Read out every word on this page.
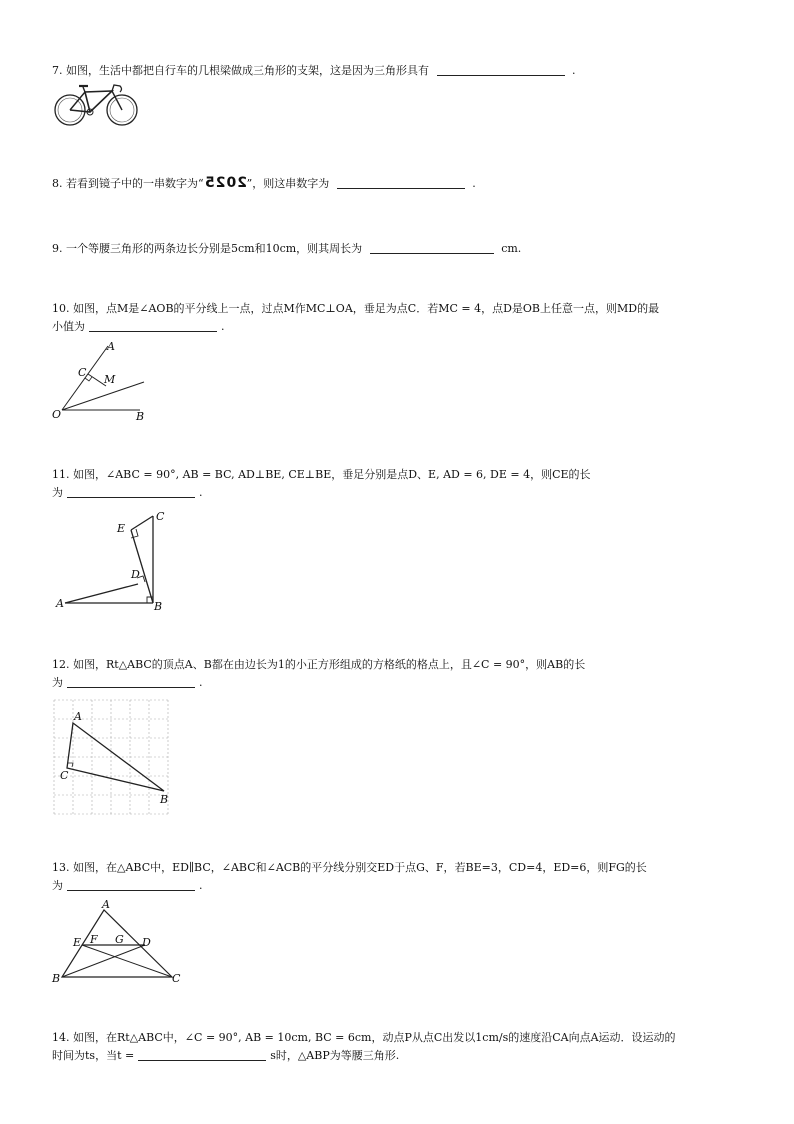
7. 如图，生活中都把自行车的几根梁做成三角形的支架，这是因为三角形具有	.
8. 若看到镜子中的一串数字为“2025”，则这串数字为	.
9. 一个等腰三角形的两条边长分别是5cm和10cm，则其周长为	cm.
10. 如图，点M是∠AOB的平分线上一点，过点M作MC⊥OA，垂足为点C．若MC = 4，点D是OB上任意一点，则MD的最
小值为	.
A
C
M
O	B
11. 如图，∠ABC = 90°, AB = BC, AD⊥BE, CE⊥BE，垂足分别是点D、E, AD = 6, DE = 4，则CE的长
为	.
E
C
D
A	B
12. 如图，Rt△ABC的顶点A、B都在由边长为1的小正方形组成的方格纸的格点上，且∠C = 90°，则AB的长
为	.
A
C
B
13. 如图，在△ABC中，ED∥BC，∠ABC和∠ACB的平分线分别交ED于点G、F，若BE=3，CD=4，ED=6，则FG的长
为	.
A
E F G D
B	C
14. 如图，在Rt△ABC中，∠C = 90°, AB = 10cm, BC = 6cm，动点P从点C出发以1cm/s的速度沿CA向点A运动．设运动的
时间为ts，当t =	s时，△ABP为等腰三角形.
